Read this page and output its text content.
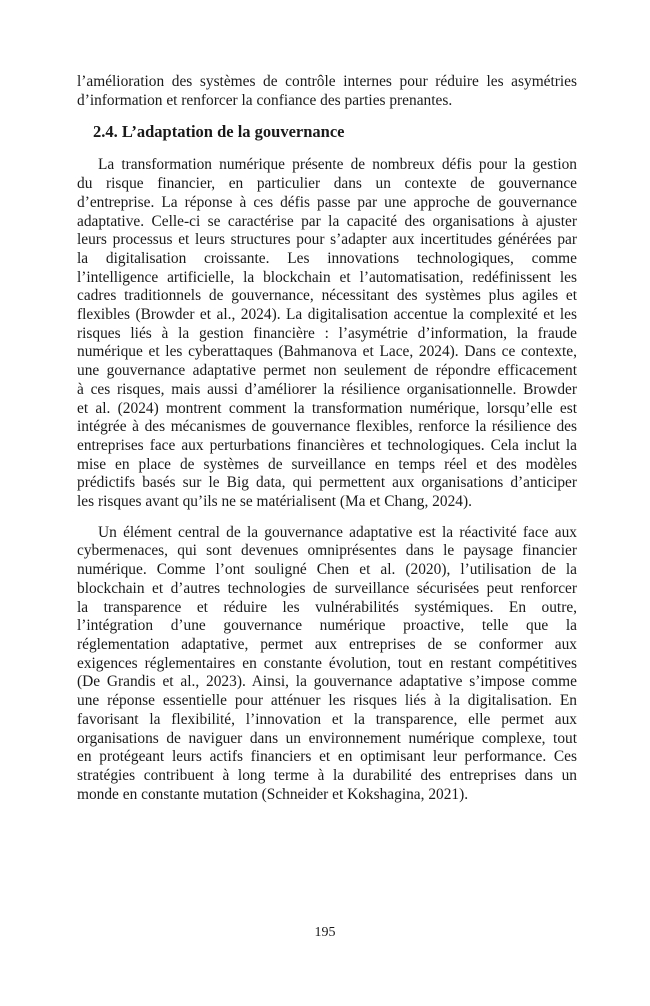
l’amélioration des systèmes de contrôle internes pour réduire les asymétries

d’information et renforcer la confiance des parties prenantes.

2.4. L’adaptation de la gouvernance

La transformation numérique présente de nombreux défis pour la gestion

du risque financier, en particulier dans un contexte de gouvernance

d’entreprise. La réponse à ces défis passe par une approche de gouvernance

adaptative. Celle-ci se caractérise par la capacité des organisations à ajuster

leurs processus et leurs structures pour s’adapter aux incertitudes générées par

la digitalisation croissante. Les innovations technologiques, comme

l’intelligence artificielle, la blockchain et l’automatisation, redéfinissent les

cadres traditionnels de gouvernance, nécessitant des systèmes plus agiles et

flexibles (Browder et al., 2024). La digitalisation accentue la complexité et les

risques liés à la gestion financière : l’asymétrie d’information, la fraude

numérique et les cyberattaques (Bahmanova et Lace, 2024). Dans ce contexte,

une gouvernance adaptative permet non seulement de répondre efficacement

à ces risques, mais aussi d’améliorer la résilience organisationnelle. Browder

et al. (2024) montrent comment la transformation numérique, lorsqu’elle est

intégrée à des mécanismes de gouvernance flexibles, renforce la résilience des

entreprises face aux perturbations financières et technologiques. Cela inclut la

mise en place de systèmes de surveillance en temps réel et des modèles

prédictifs basés sur le Big data, qui permettent aux organisations d’anticiper

les risques avant qu’ils ne se matérialisent (Ma et Chang, 2024).

Un élément central de la gouvernance adaptative est la réactivité face aux

cybermenaces, qui sont devenues omniprésentes dans le paysage financier

numérique. Comme l’ont souligné Chen et al. (2020), l’utilisation de la

blockchain et d’autres technologies de surveillance sécurisées peut renforcer

la transparence et réduire les vulnérabilités systémiques. En outre,

l’intégration d’une gouvernance numérique proactive, telle que la

réglementation adaptative, permet aux entreprises de se conformer aux

exigences réglementaires en constante évolution, tout en restant compétitives

(De Grandis et al., 2023). Ainsi, la gouvernance adaptative s’impose comme

une réponse essentielle pour atténuer les risques liés à la digitalisation. En

favorisant la flexibilité, l’innovation et la transparence, elle permet aux

organisations de naviguer dans un environnement numérique complexe, tout

en protégeant leurs actifs financiers et en optimisant leur performance. Ces

stratégies contribuent à long terme à la durabilité des entreprises dans un

monde en constante mutation (Schneider et Kokshagina, 2021).

195
